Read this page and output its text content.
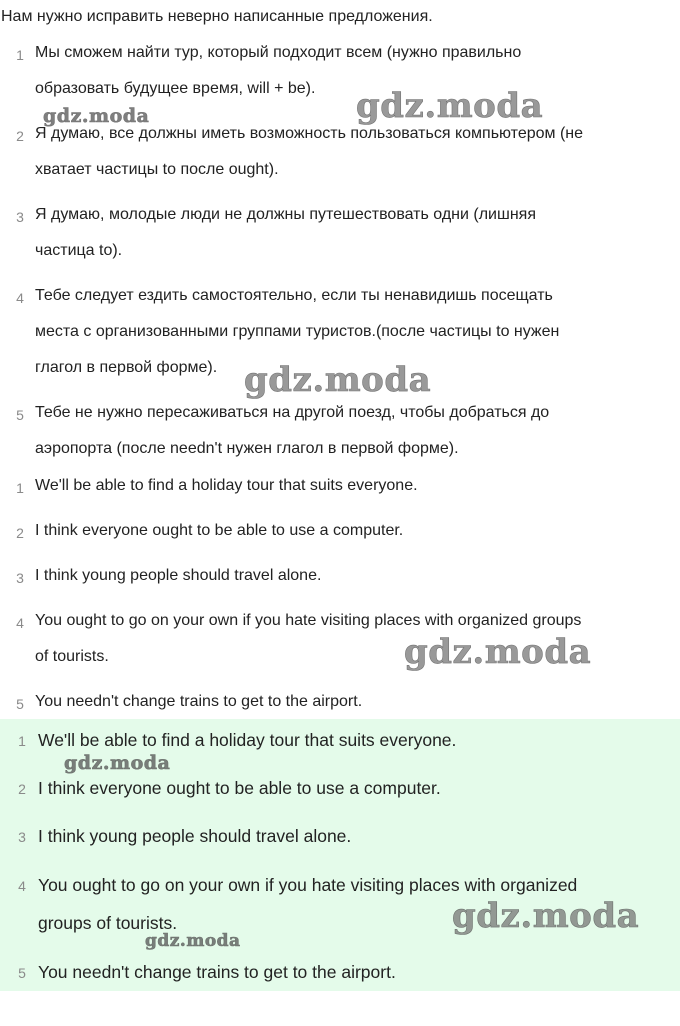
Нам нужно исправить неверно написанные предложения.
1 Мы сможем найти тур, который подходит всем (нужно правильно
образовать будущее время, will + be).
2 Я думаю, все должны иметь возможность пользоваться компьютером (не
хватает частицы to после ought).
3 Я думаю, молодые люди не должны путешествовать одни (лишняя
частица to).
4 Тебе следует ездить самостоятельно, если ты ненавидишь посещать
места с организованными группами туристов.(после частицы to нужен
глагол в первой форме).
5 Тебе не нужно пересаживаться на другой поезд, чтобы добраться до
аэропорта (после needn't нужен глагол в первой форме).
1 We'll be able to find a holiday tour that suits everyone.
2 I think everyone ought to be able to use a computer.
3 I think young people should travel alone.
4 You ought to go on your own if you hate visiting places with organized groups
of tourists.
5 You needn't change trains to get to the airport.
1 We'll be able to find a holiday tour that suits everyone.
2 I think everyone ought to be able to use a computer.
3 I think young people should travel alone.
4 You ought to go on your own if you hate visiting places with organized
groups of tourists.
5 You needn't change trains to get to the airport.
gdz.moda
gdz.moda
gdz.moda
gdz.moda
gdz.moda
gdz.moda
gdz.moda
